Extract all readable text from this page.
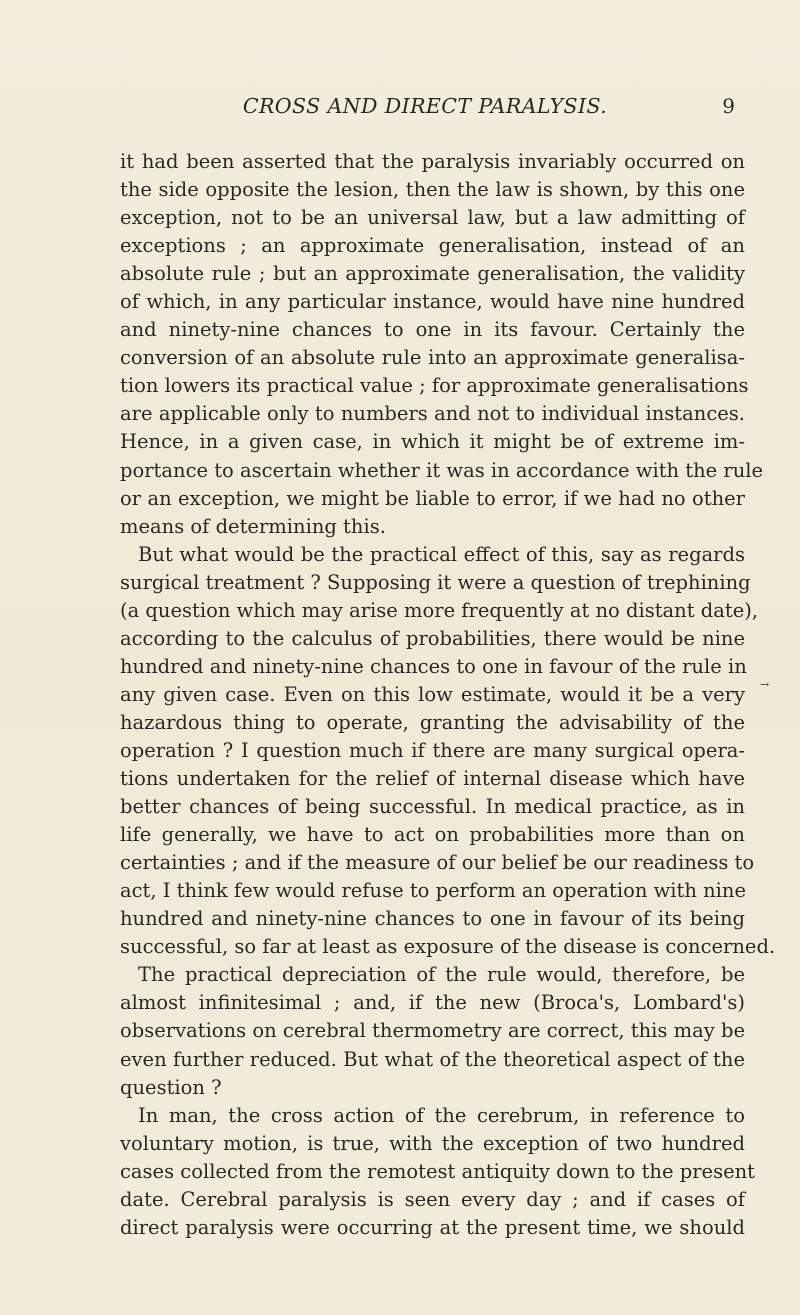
CROSS AND DIRECT PARALYSIS.	9
it had been asserted that the paralysis invariably occurred on
the side opposite the lesion, then the law is shown, by this one
exception, not to be an universal law, but a law admitting of
exceptions ; an approximate generalisation, instead of an
absolute rule ; but an approximate generalisation, the validity
of which, in any particular instance, would have nine hundred
and ninety-nine chances to one in its favour. Certainly the
conversion of an absolute rule into an approximate generalisa-
tion lowers its practical value ; for approximate generalisations
are applicable only to numbers and not to individual instances.
Hence, in a given case, in which it might be of extreme im-
portance to ascertain whether it was in accordance with the rule
or an exception, we might be liable to error, if we had no other
means of determining this.
But what would be the practical effect of this, say as regards
surgical treatment ? Supposing it were a question of trephining
(a question which may arise more frequently at no distant date),
according to the calculus of probabilities, there would be nine
hundred and ninety-nine chances to one in favour of the rule in
any given case. Even on this low estimate, would it be a very
hazardous thing to operate, granting the advisability of the
operation ? I question much if there are many surgical opera-
tions undertaken for the relief of internal disease which have
better chances of being successful. In medical practice, as in
life generally, we have to act on probabilities more than on
certainties ; and if the measure of our belief be our readiness to
act, I think few would refuse to perform an operation with nine
hundred and ninety-nine chances to one in favour of its being
successful, so far at least as exposure of the disease is concerned.
The practical depreciation of the rule would, therefore, be
almost infinitesimal ; and, if the new (Broca's, Lombard's)
observations on cerebral thermometry are correct, this may be
even further reduced. But what of the theoretical aspect of the
question ?
In man, the cross action of the cerebrum, in reference to
voluntary motion, is true, with the exception of two hundred
cases collected from the remotest antiquity down to the present
date. Cerebral paralysis is seen every day ; and if cases of
direct paralysis were occurring at the present time, we should
→
